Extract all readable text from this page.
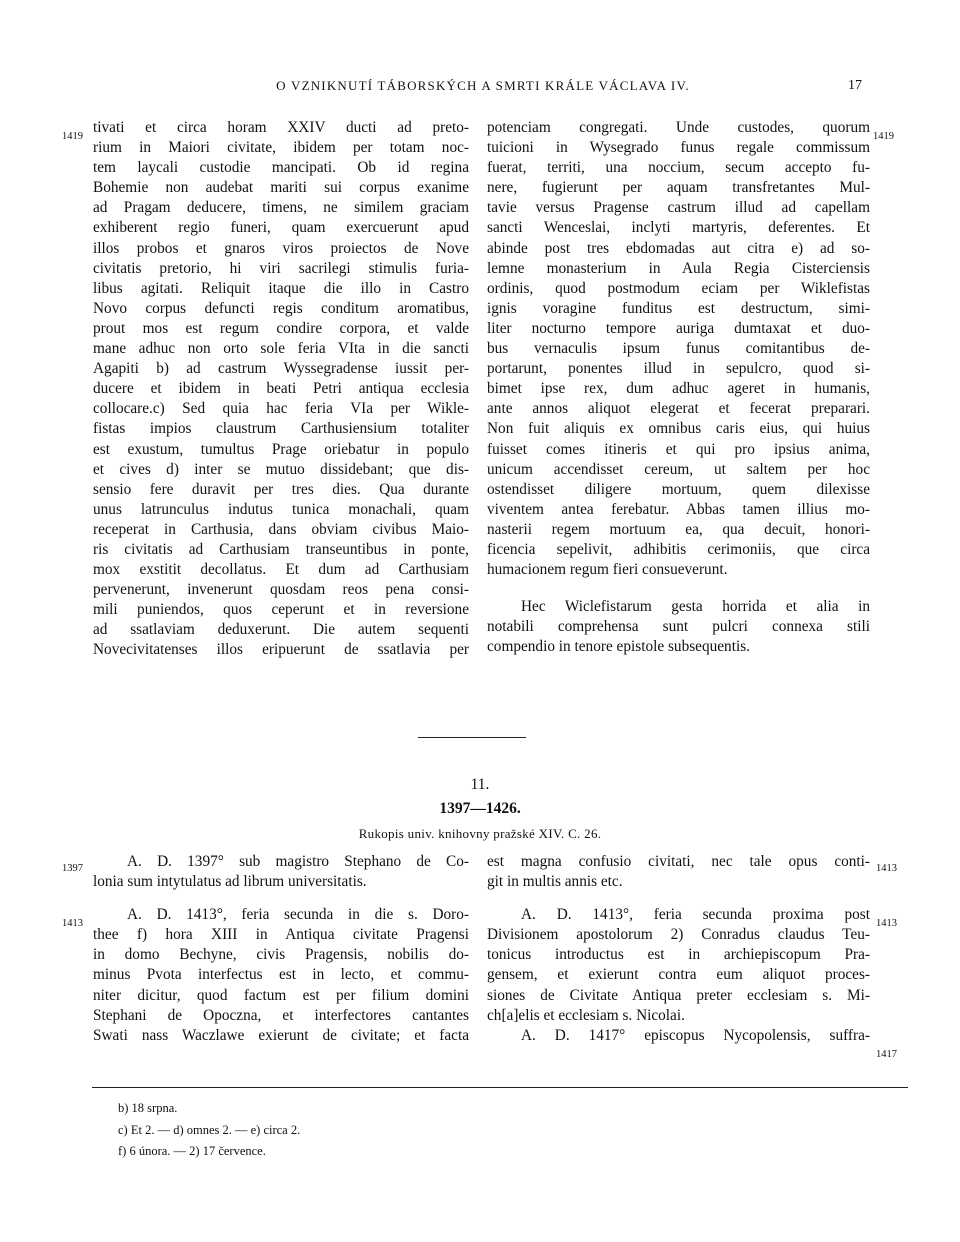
O VZNIKNUTÍ TÁBORSKÝCH A SMRTI KRÁLE VÁCLAVA IV.	17
1419	1419

tivati et circa horam XXIV ducti ad preto-
rium in Maiori civitate, ibidem per totam noc-
tem laycali custodie mancipati. Ob id regina
Bohemie non audebat mariti sui corpus exanime
ad Pragam deducere, timens, ne similem graciam
exhiberent regio funeri, quam exercuerunt apud
illos probos et gnaros viros proiectos de Nove
civitatis pretorio, hi viri sacrilegi stimulis furia-
libus agitati. Reliquit itaque die illo in Castro
Novo corpus defuncti regis conditum aromatibus,
prout mos est regum condire corpora, et valde
mane adhuc non orto sole feria VIta in die sancti
Agapiti b) ad castrum Wyssegradense iussit per-
ducere et ibidem in beati Petri antiqua ecclesia
collocare.c) Sed quia hac feria VIa per Wikle-
fistas impios claustrum Carthusiensium totaliter
est exustum, tumultus Prage oriebatur in populo
et cives d) inter se mutuo dissidebant; que dis-
sensio fere duravit per tres dies. Qua durante
unus latrunculus indutus tunica monachali, quam
receperat in Carthusia, dans obviam civibus Maio-
ris civitatis ad Carthusiam transeuntibus in ponte,
mox exstitit decollatus. Et dum ad Carthusiam
pervenerunt, invenerunt quosdam reos pena consi-
mili puniendos, quos ceperunt et in reversione
ad ssatlaviam deduxerunt. Die autem sequenti
Novecivitatenses illos eripuerunt de ssatlavia per

potenciam congregati. Unde custodes, quorum
tuicioni in Wysegrado funus regale commissum
fuerat, territi, una noccium, secum accepto fu-
nere, fugierunt per aquam transfretantes Mul-
tavie versus Pragense castrum illud ad capellam
sancti Wenceslai, inclyti martyris, deferentes. Et
abinde post tres ebdomadas aut citra e) ad so-
lemne monasterium in Aula Regia Cisterciensis
ordinis, quod postmodum eciam per Wiklefistas
ignis voragine funditus est destructum, simi-
liter nocturno tempore auriga dumtaxat et duo-
bus vernaculis ipsum funus comitantibus de-
portarunt, ponentes illud in sepulcro, quod si-
bimet ipse rex, dum adhuc ageret in humanis,
ante annos aliquot elegerat et fecerat preparari.
Non fuit aliquis ex omnibus caris eius, qui huius
fuisset comes itineris et qui pro ipsius anima,
unicum accendisset cereum, ut saltem per hoc
ostendisset diligere mortuum, quem dilexisse
viventem antea ferebatur. Abbas tamen illius mo-
nasterii regem mortuum ea, qua decuit, honori-
ficencia sepelivit, adhibitis cerimoniis, que circa
humacionem regum fieri consueverunt.

Hec Wiclefistarum gesta horrida et alia in
notabili comprehensa sunt pulcri connexa stili
compendio in tenore epistole subsequentis.

11.
1397—1426.
Rukopis univ. knihovny pražské XIV. C. 26.
1397
1413
1413
1413
1417

A. D. 1397° sub magistro Stephano de Co-
lonia sum intytulatus ad librum universitatis.

A. D. 1413°, feria secunda in die s. Doro-
thee f) hora XIII in Antiqua civitate Pragensi
in domo Bechyne, civis Pragensis, nobilis do-
minus Pvota interfectus est in lecto, et commu-
niter dicitur, quod factum est per filium domini
Stephani de Opoczna, et interfectores cantantes
Swati nass Waczlawe exierunt de civitate; et facta

est magna confusio civitati, nec tale opus conti-
git in multis annis etc.

A. D. 1413°, feria secunda proxima post
Divisionem apostolorum 2) Conradus claudus Teu-
tonicus introductus est in archiepiscopum Pra-
gensem, et exierunt contra eum aliquot proces-
siones de Civitate Antiqua preter ecclesiam s. Mi-
ch[a]elis et ecclesiam s. Nicolai.

A. D. 1417° episcopus Nycopolensis, suffra-

b) 18 srpna.
c) Et 2. — d) omnes 2. — e) circa 2.
f) 6 února. — 2) 17 července.
